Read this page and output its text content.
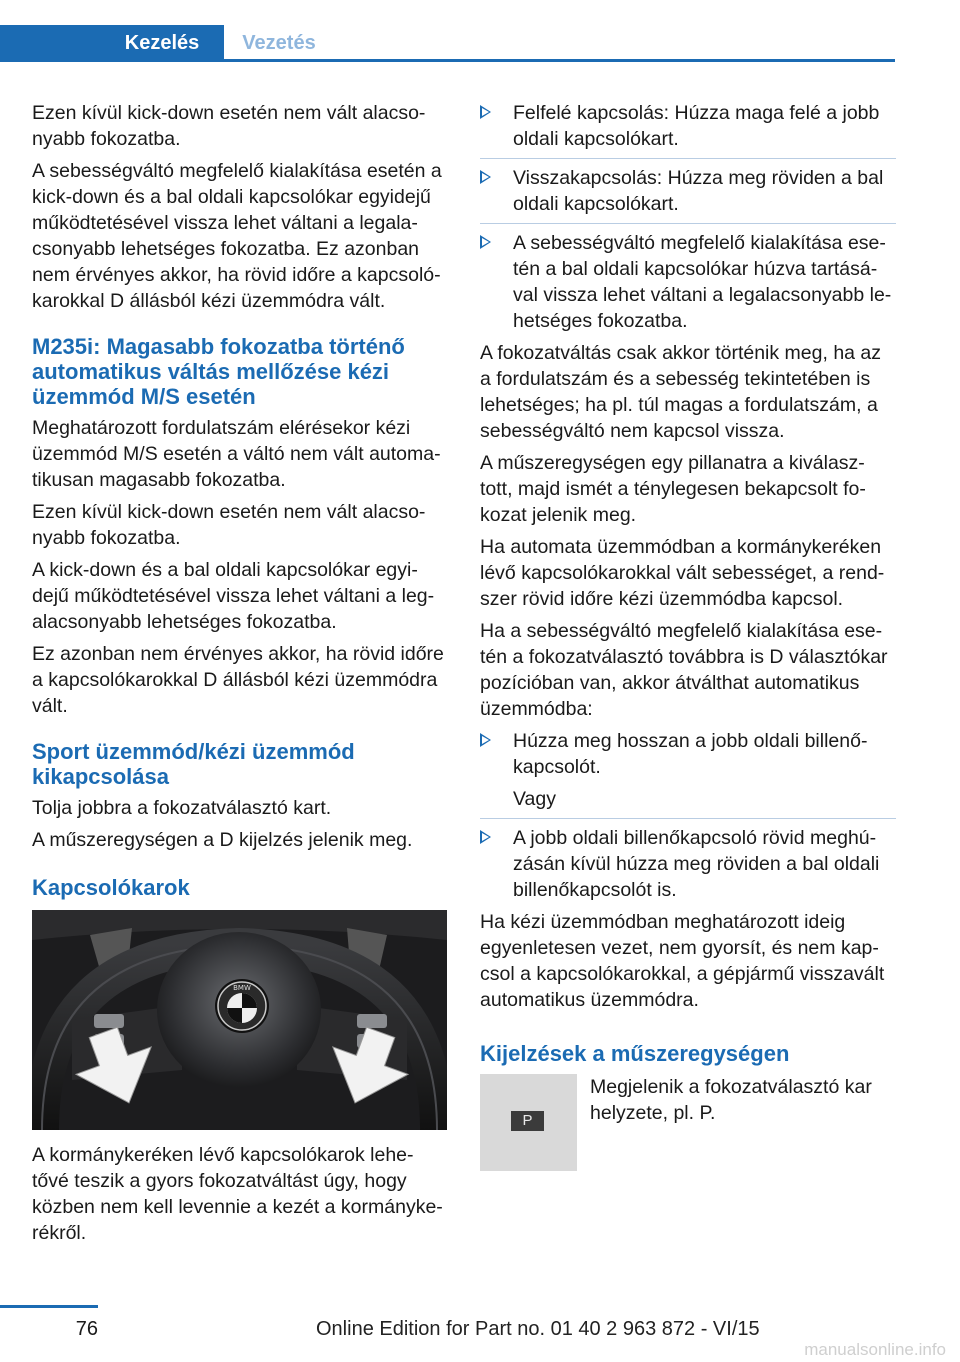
Kezelés	Vezetés

Ezen kívül kick-down esetén nem vált alacso-nyabb fokozatba.

A sebességváltó megfelelő kialakítása esetén a kick-down és a bal oldali kapcsolókar egyidejű működtetésével vissza lehet váltani a legala-csonyabb lehetséges fokozatba. Ez azonban nem érvényes akkor, ha rövid időre a kapcsoló-karokkal D állásból kézi üzemmódra vált.

M235i: Magasabb fokozatba történő automatikus váltás mellőzése kézi üzemmód M/S esetén

Meghatározott fordulatszám elérésekor kézi üzemmód M/S esetén a váltó nem vált automa-tikusan magasabb fokozatba.

Ezen kívül kick-down esetén nem vált alacso-nyabb fokozatba.

A kick-down és a bal oldali kapcsolókar egyi-dejű működtetésével vissza lehet váltani a leg-alacsonyabb lehetséges fokozatba.

Ez azonban nem érvényes akkor, ha rövid időre a kapcsolókarokkal D állásból kézi üzemmódra vált.

Sport üzemmód/kézi üzemmód kikapcsolása

Tolja jobbra a fokozatválasztó kart.

A műszeregységen a D kijelzés jelenik meg.

Kapcsolókarok
BMW

A kormánykeréken lévő kapcsolókarok lehe-tővé teszik a gyors fokozatváltást úgy, hogy közben nem kell levennie a kezét a kormányke-rékről.

Felfelé kapcsolás: Húzza maga felé a jobb oldali kapcsolókart.
Visszakapcsolás: Húzza meg röviden a bal oldali kapcsolókart.
A sebességváltó megfelelő kialakítása ese-tén a bal oldali kapcsolókar húzva tartásá-val vissza lehet váltani a legalacsonyabb le-hetséges fokozatba.

A fokozatváltás csak akkor történik meg, ha az a fordulatszám és a sebesség tekintetében is lehetséges; ha pl. túl magas a fordulatszám, a sebességváltó nem kapcsol vissza.

A műszeregységen egy pillanatra a kiválasz-tott, majd ismét a ténylegesen bekapcsolt fo-kozat jelenik meg.

Ha automata üzemmódban a kormánykeréken lévő kapcsolókarokkal vált sebességet, a rend-szer rövid időre kézi üzemmódba kapcsol.

Ha a sebességváltó megfelelő kialakítása ese-tén a fokozatválasztó továbbra is D választókar pozícióban van, akkor átválthat automatikus üzemmódba:

Húzza meg hosszan a jobb oldali billenő-kapcsolót.
Vagy
A jobb oldali billenőkapcsoló rövid meghú-zásán kívül húzza meg röviden a bal oldali billenőkapcsolót is.

Ha kézi üzemmódban meghatározott ideig egyenletesen vezet, nem gyorsít, és nem kap-csol a kapcsolókarokkal, a gépjármű visszavált automatikus üzemmódra.

Kijelzések a műszeregységen
P

Megjelenik a fokozatválasztó kar helyzete, pl. P.

76	Online Edition for Part no. 01 40 2 963 872 - VI/15
manualsonline.info
